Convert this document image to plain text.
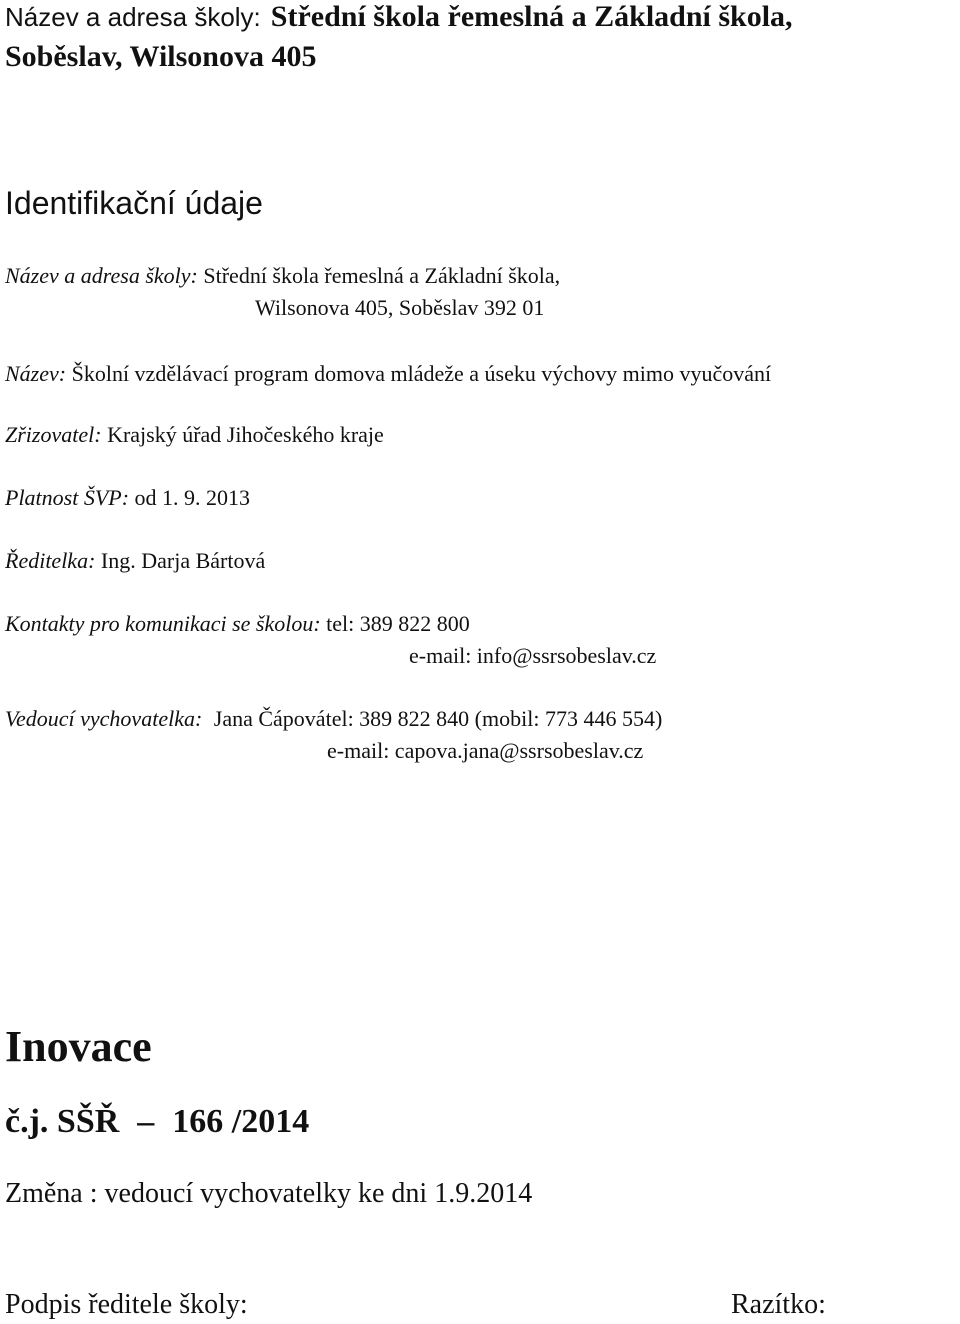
Název a adresa školy: Střední škola řemeslná a Základní škola,
Soběslav, Wilsonova 405
Identifikační údaje
Název a adresa školy: Střední škola řemeslná a Základní škola,
Wilsonova 405, Soběslav 392 01
Název: Školní vzdělávací program domova mládeže a úseku výchovy mimo vyučování
Zřizovatel: Krajský úřad Jihočeského kraje
Platnost ŠVP: od 1. 9. 2013
Ředitelka: Ing. Darja Bártová
Kontakty pro komunikaci se školou: tel: 389 822 800
e-mail: info@ssrsobeslav.cz
Vedoucí vychovatelka: Jana Čápovátel: 389 822 840 (mobil: 773 446 554)
e-mail: capova.jana@ssrsobeslav.cz
Inovace
č.j. SŠŘ – 166 /2014
Změna : vedoucí vychovatelky ke dni 1.9.2014
Podpis ředitele školy:	Razítko:
